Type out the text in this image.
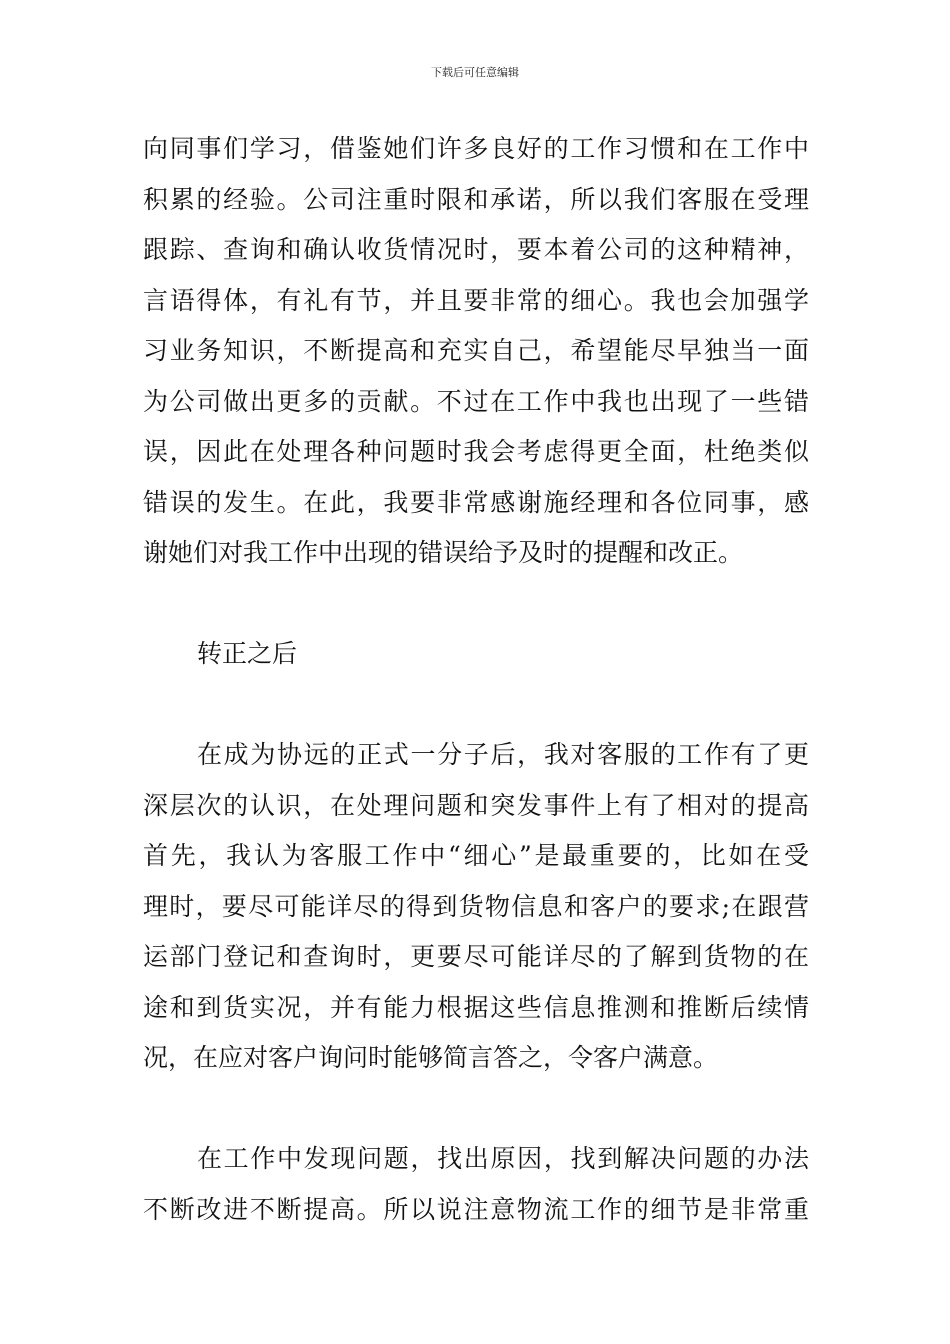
下载后可任意编辑
向同事们学习，借鉴她们许多良好的工作习惯和在工作中
积累的经验。公司注重时限和承诺，所以我们客服在受理
跟踪、查询和确认收货情况时，要本着公司的这种精神，
言语得体，有礼有节，并且要非常的细心。我也会加强学
习业务知识，不断提高和充实自己，希望能尽早独当一面
为公司做出更多的贡献。不过在工作中我也出现了一些错
误，因此在处理各种问题时我会考虑得更全面，杜绝类似
错误的发生。在此，我要非常感谢施经理和各位同事，感
谢她们对我工作中出现的错误给予及时的提醒和改正。
转正之后
在成为协远的正式一分子后，我对客服的工作有了更
深层次的认识，在处理问题和突发事件上有了相对的提高
首先，我认为客服工作中“细心”是最重要的，比如在受
理时，要尽可能详尽的得到货物信息和客户的要求;在跟营
运部门登记和查询时，更要尽可能详尽的了解到货物的在
途和到货实况，并有能力根据这些信息推测和推断后续情
况，在应对客户询问时能够简言答之，令客户满意。
在工作中发现问题，找出原因，找到解决问题的办法
不断改进不断提高。所以说注意物流工作的细节是非常重
